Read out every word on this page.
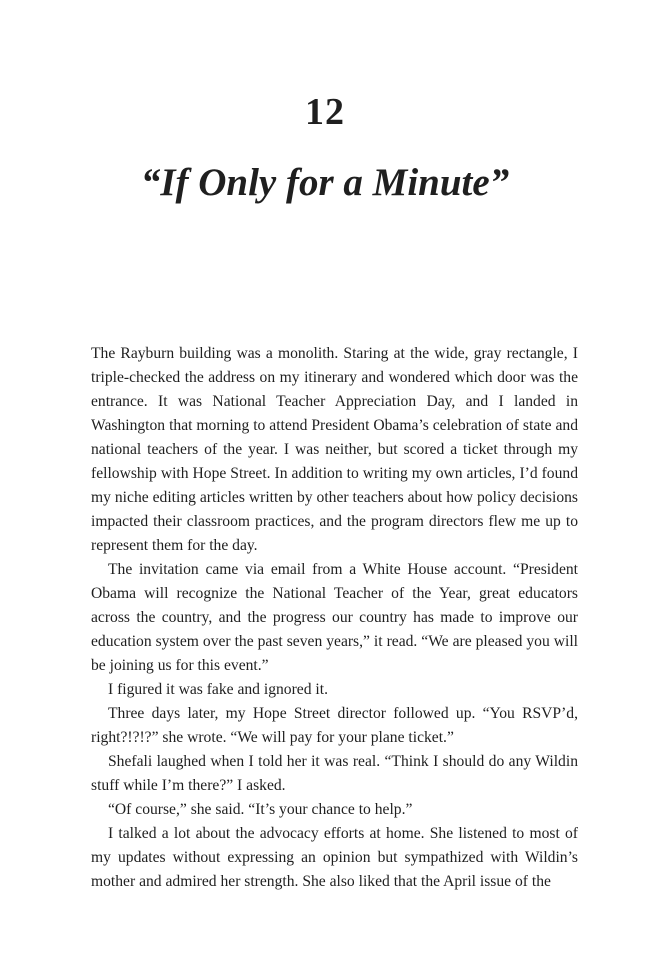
12
“If Only for a Minute”

The Rayburn building was a monolith. Staring at the wide, gray rectangle, I triple-checked the address on my itinerary and wondered which door was the entrance. It was National Teacher Appreciation Day, and I landed in Washington that morning to attend President Obama’s celebration of state and national teachers of the year. I was neither, but scored a ticket through my fellowship with Hope Street. In addition to writing my own articles, I’d found my niche editing articles written by other teachers about how policy decisions impacted their classroom practices, and the program directors flew me up to represent them for the day.

The invitation came via email from a White House account. “President Obama will recognize the National Teacher of the Year, great educators across the country, and the progress our country has made to improve our education system over the past seven years,” it read. “We are pleased you will be joining us for this event.”

I figured it was fake and ignored it.

Three days later, my Hope Street director followed up. “You RSVP’d, right?!?!?” she wrote. “We will pay for your plane ticket.”

Shefali laughed when I told her it was real. “Think I should do any Wildin stuff while I’m there?” I asked.

“Of course,” she said. “It’s your chance to help.”

I talked a lot about the advocacy efforts at home. She listened to most of my updates without expressing an opinion but sympathized with Wildin’s mother and admired her strength. She also liked that the April issue of the
